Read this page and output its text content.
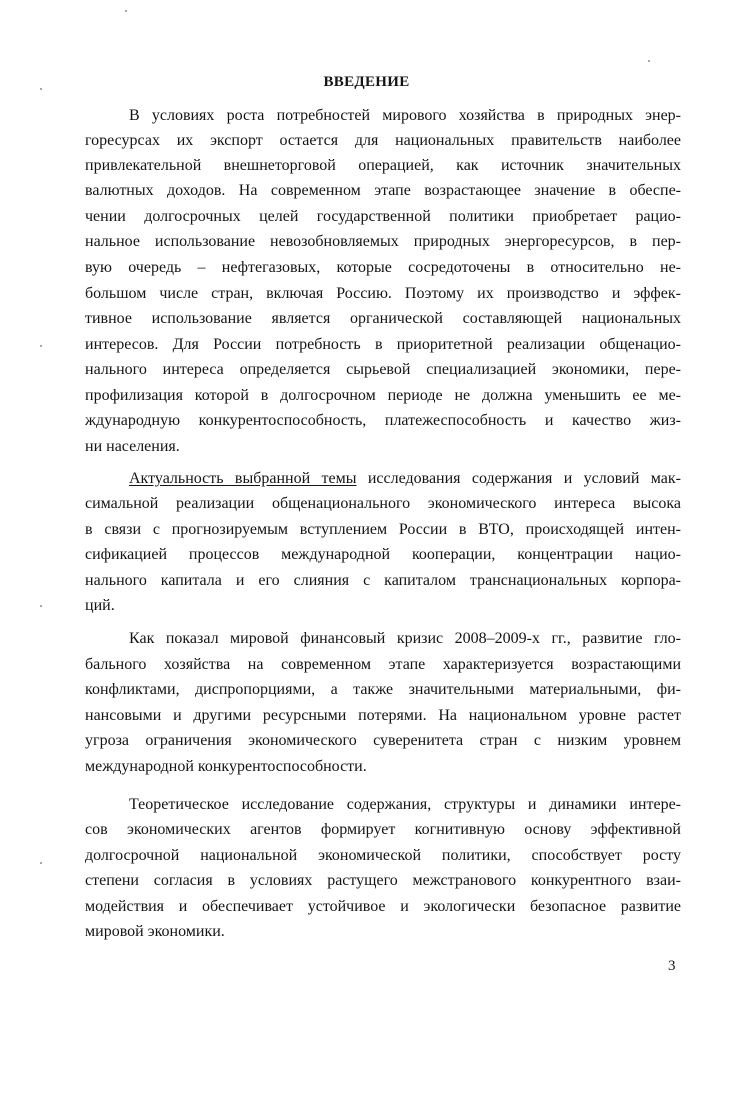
ВВЕДЕНИЕ
В условиях роста потребностей мирового хозяйства в природных энер-
горесурсах их экспорт остается для национальных правительств наиболее
привлекательной внешнеторговой операцией, как источник значительных
валютных доходов. На современном этапе возрастающее значение в обеспе-
чении долгосрочных целей государственной политики приобретает рацио-
нальное использование невозобновляемых природных энергоресурсов, в пер-
вую очередь – нефтегазовых, которые сосредоточены в относительно не-
большом числе стран, включая Россию. Поэтому их производство и эффек-
тивное использование является органической составляющей национальных
интересов. Для России потребность в приоритетной реализации общенацио-
нального интереса определяется сырьевой специализацией экономики, пере-
профилизация которой в долгосрочном периоде не должна уменьшить ее ме-
ждународную конкурентоспособность, платежеспособность и качество жиз-
ни населения.
Актуальность выбранной темы исследования содержания и условий мак-
симальной реализации общенационального экономического интереса высока
в связи с прогнозируемым вступлением России в ВТО, происходящей интен-
сификацией процессов международной кооперации, концентрации нацио-
нального капитала и его слияния с капиталом транснациональных корпора-
ций.
Как показал мировой финансовый кризис 2008–2009-х гг., развитие гло-
бального хозяйства на современном этапе характеризуется возрастающими
конфликтами, диспропорциями, а также значительными материальными, фи-
нансовыми и другими ресурсными потерями. На национальном уровне растет
угроза ограничения экономического суверенитета стран с низким уровнем
международной конкурентоспособности.
Теоретическое исследование содержания, структуры и динамики интере-
сов экономических агентов формирует когнитивную основу эффективной
долгосрочной национальной экономической политики, способствует росту
степени согласия в условиях растущего межстранового конкурентного взаи-
модействия и обеспечивает устойчивое и экологически безопасное развитие
мировой экономики.
3
